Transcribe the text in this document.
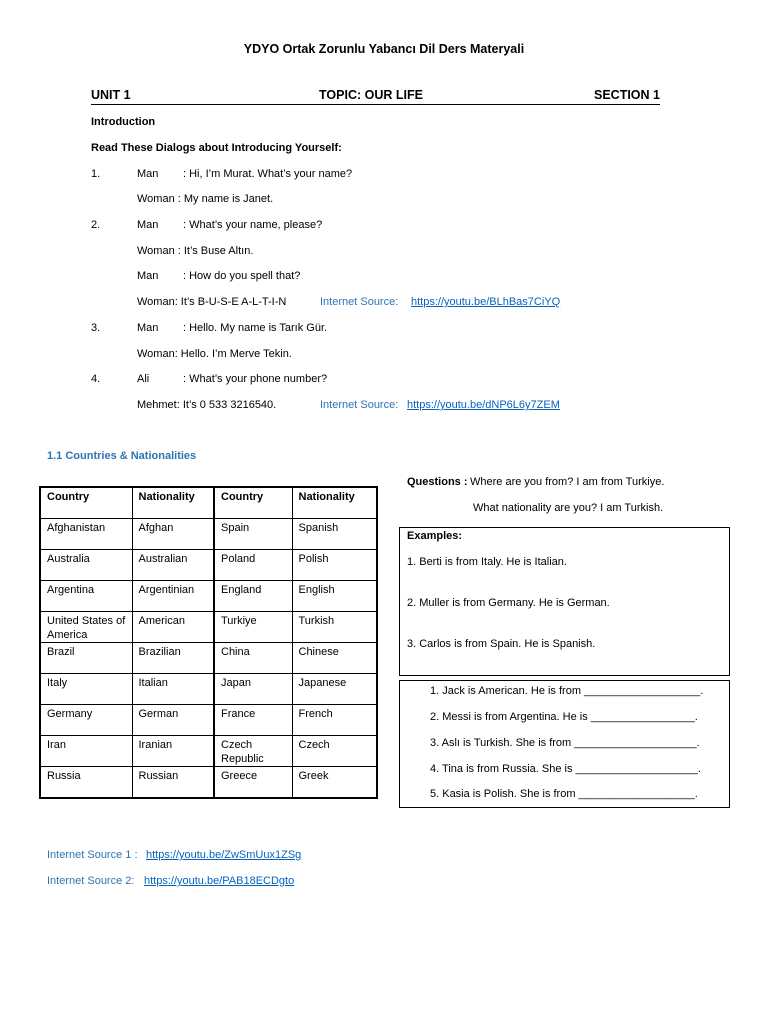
YDYO Ortak Zorunlu Yabancı Dil Ders Materyali
UNIT 1	TOPIC: OUR LIFE	SECTION 1
Introduction
Read These Dialogs about Introducing Yourself:
1.	Man : Hi, I’m Murat. What’s your name?
Woman : My name is Janet.
2.	Man : What’s your name, please?
Woman : It’s Buse Altın.
Man : How do you spell that?
Woman: It’s B-U-S-E A-L-T-I-N	Internet Source: https://youtu.be/BLhBas7CiYQ
3.	Man : Hello. My name is Tarık Gür.
Woman: Hello. I’m Merve Tekin.
4.	Ali	: What’s your phone number?
Mehmet: It’s 0 533 3216540.	Internet Source: https://youtu.be/dNP6L6y7ZEM
1.1 Countries & Nationalities
Country	Nationality	Country	Nationality
Afghanistan	Afghan	Spain	Spanish
Australia	Australian	Poland	Polish
Argentina	Argentinian	England	English
United States of America	American	Turkiye	Turkish
Brazil	Brazilian	China	Chinese
Italy	Italian	Japan	Japanese
Germany	German	France	French
Iran	Iranian	Czech Republic	Czech
Russia	Russian	Greece	Greek
Questions : Where are you from? I am from Turkiye.
What nationality are you? I am Turkish.
Examples:
1. Berti is from Italy. He is Italian.
2. Muller is from Germany. He is German.
3. Carlos is from Spain. He is Spanish.
1. Jack is American. He is from ___________________.
2. Messi is from Argentina. He is _________________.
3. Aslı is Turkish. She is from ____________________.
4. Tina is from Russia. She is ____________________.
5. Kasia is Polish. She is from ___________________.
Internet Source 1 : https://youtu.be/ZwSmUux1ZSg
Internet Source 2: https://youtu.be/PAB18ECDgto
